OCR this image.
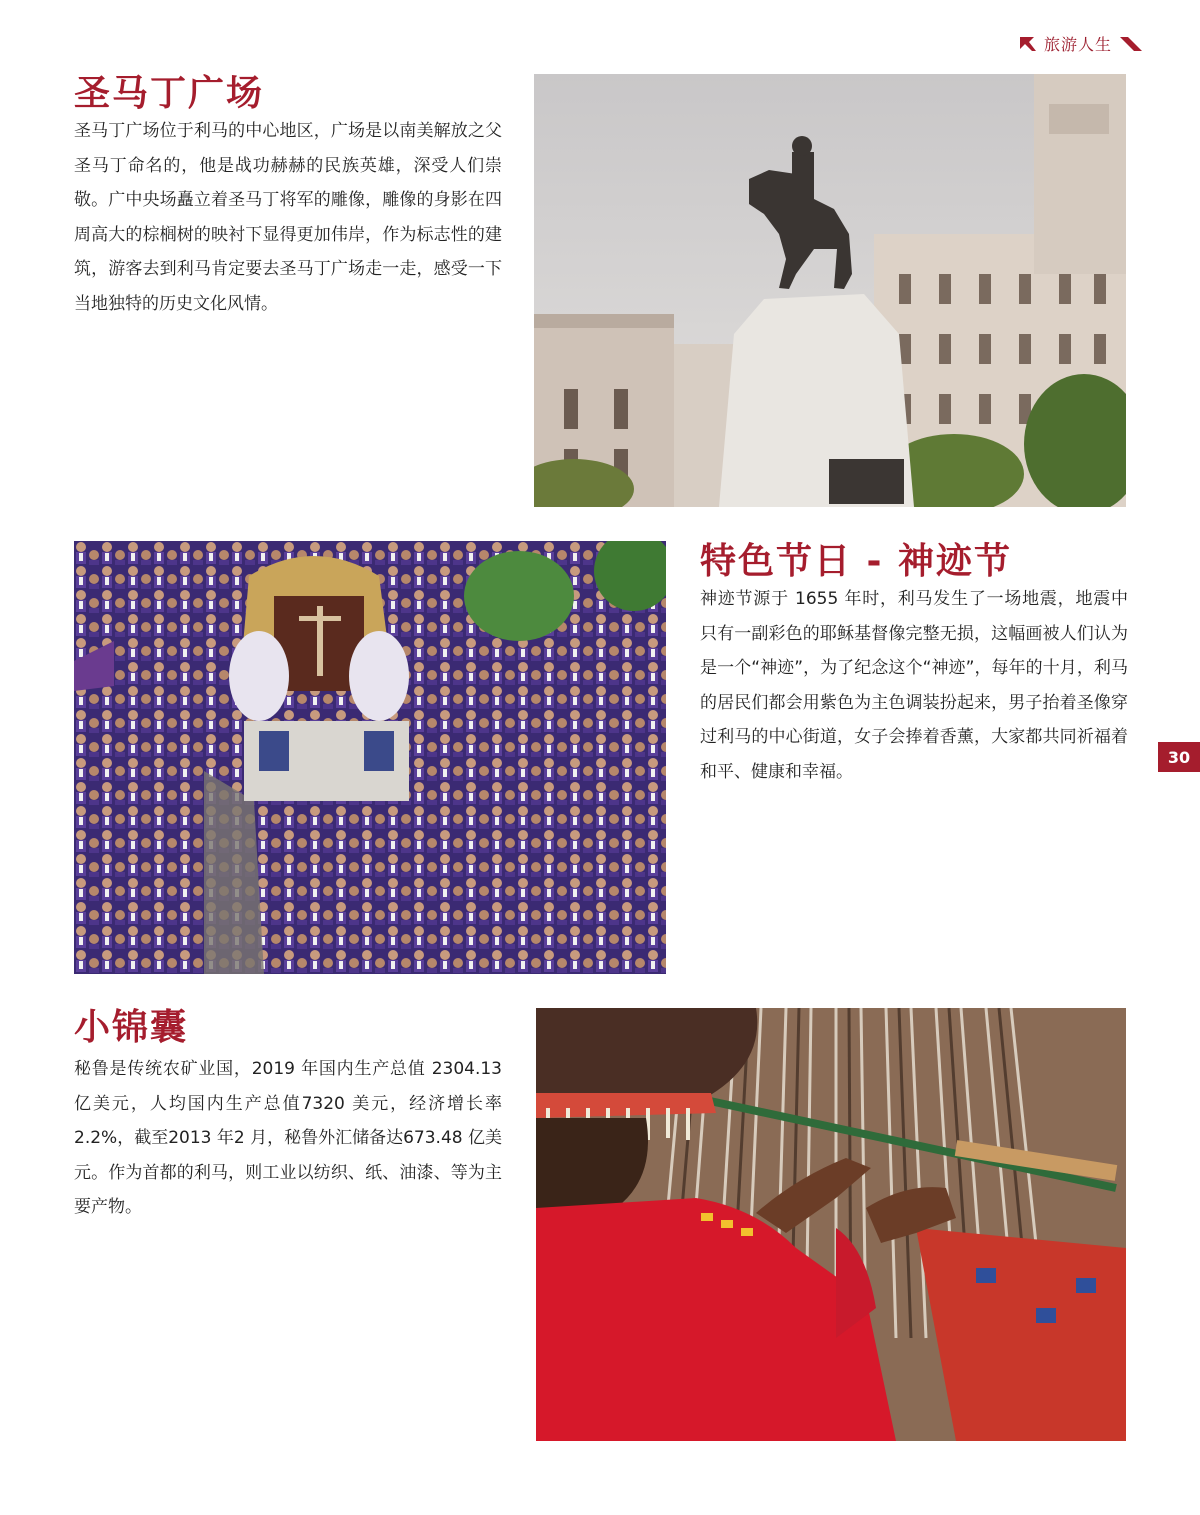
旅游人生
圣马丁广场

圣马丁广场位于利马的中心地区，广场是以南美解放之父圣马丁命名的，他是战功赫赫的民族英雄，深受人们崇敬。广中央场矗立着圣马丁将军的雕像，雕像的身影在四周高大的棕榈树的映衬下显得更加伟岸，作为标志性的建筑，游客去到利马肯定要去圣马丁广场走一走，感受一下当地独特的历史文化风情。

特色节日 - 神迹节

神迹节源于 1655 年时，利马发生了一场地震，地震中只有一副彩色的耶稣基督像完整无损，这幅画被人们认为是一个“神迹”，为了纪念这个“神迹”，每年的十月，利马的居民们都会用紫色为主色调装扮起来，男子抬着圣像穿过利马的中心街道，女子会捧着香薰，大家都共同祈福着和平、健康和幸福。

30
小锦囊

秘鲁是传统农矿业国，2019 年国内生产总值 2304.13 亿美元，人均国内生产总值7320 美元，经济增长率2.2%，截至2013 年2 月，秘鲁外汇储备达673.48 亿美元。作为首都的利马，则工业以纺织、纸、油漆、等为主要产物。
